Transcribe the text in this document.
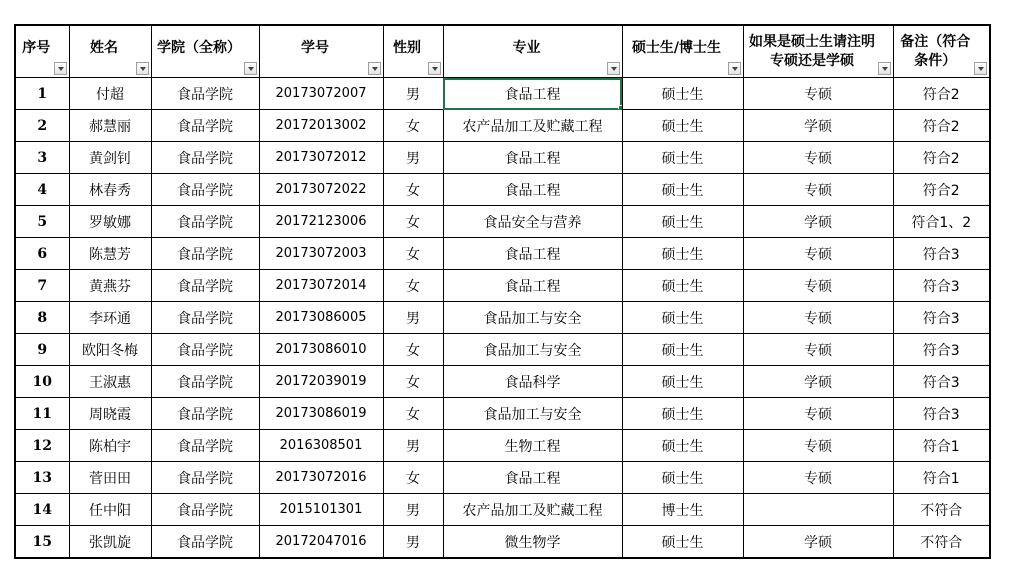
序号	姓名	学院（全称）	学号	性别	专业	硕士生/博士生	如果是硕士生请注明专硕还是学硕	备注（符合条件）

1	付超	食品学院	20173072007	男	食品工程	硕士生	专硕	符合2
2	郝慧丽	食品学院	20172013002	女	农产品加工及贮藏工程	硕士生	学硕	符合2
3	黄剑钊	食品学院	20173072012	男	食品工程	硕士生	专硕	符合2
4	林春秀	食品学院	20173072022	女	食品工程	硕士生	专硕	符合2
5	罗敏娜	食品学院	20172123006	女	食品安全与营养	硕士生	学硕	符合1、2
6	陈慧芳	食品学院	20173072003	女	食品工程	硕士生	专硕	符合3
7	黄燕芬	食品学院	20173072014	女	食品工程	硕士生	专硕	符合3
8	李环通	食品学院	20173086005	男	食品加工与安全	硕士生	专硕	符合3
9	欧阳冬梅	食品学院	20173086010	女	食品加工与安全	硕士生	专硕	符合3
10	王淑惠	食品学院	20172039019	女	食品科学	硕士生	学硕	符合3
11	周晓霞	食品学院	20173086019	女	食品加工与安全	硕士生	专硕	符合3
12	陈柏宇	食品学院	2016308501	男	生物工程	硕士生	专硕	符合1
13	菅田田	食品学院	20173072016	女	食品工程	硕士生	专硕	符合1
14	任中阳	食品学院	2015101301	男	农产品加工及贮藏工程	博士生		不符合
15	张凯旋	食品学院	20172047016	男	微生物学	硕士生	学硕	不符合
